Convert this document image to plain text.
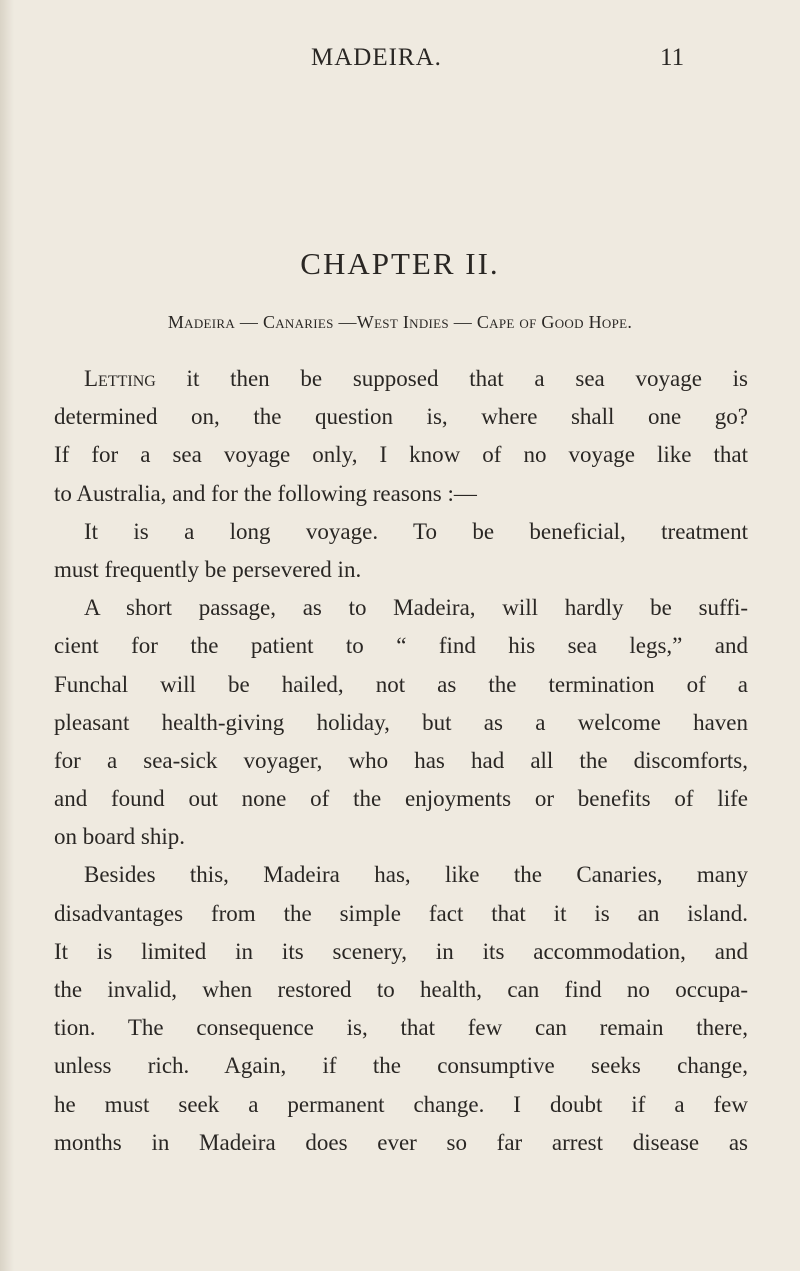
MADEIRA.	11
CHAPTER II.
Madeira — Canaries —West Indies — Cape of Good Hope.
Letting it then be supposed that a sea voyage is
determined on, the question is, where shall one go?
If for a sea voyage only, I know of no voyage like that
to Australia, and for the following reasons :—
It is a long voyage. To be beneficial, treatment
must frequently be persevered in.
A short passage, as to Madeira, will hardly be suffi-
cient for the patient to “ find his sea legs,” and
Funchal will be hailed, not as the termination of a
pleasant health-giving holiday, but as a welcome haven
for a sea-sick voyager, who has had all the discomforts,
and found out none of the enjoyments or benefits of life
on board ship.
Besides this, Madeira has, like the Canaries, many
disadvantages from the simple fact that it is an island.
It is limited in its scenery, in its accommodation, and
the invalid, when restored to health, can find no occupa-
tion. The consequence is, that few can remain there,
unless rich. Again, if the consumptive seeks change,
he must seek a permanent change. I doubt if a few
months in Madeira does ever so far arrest disease as
